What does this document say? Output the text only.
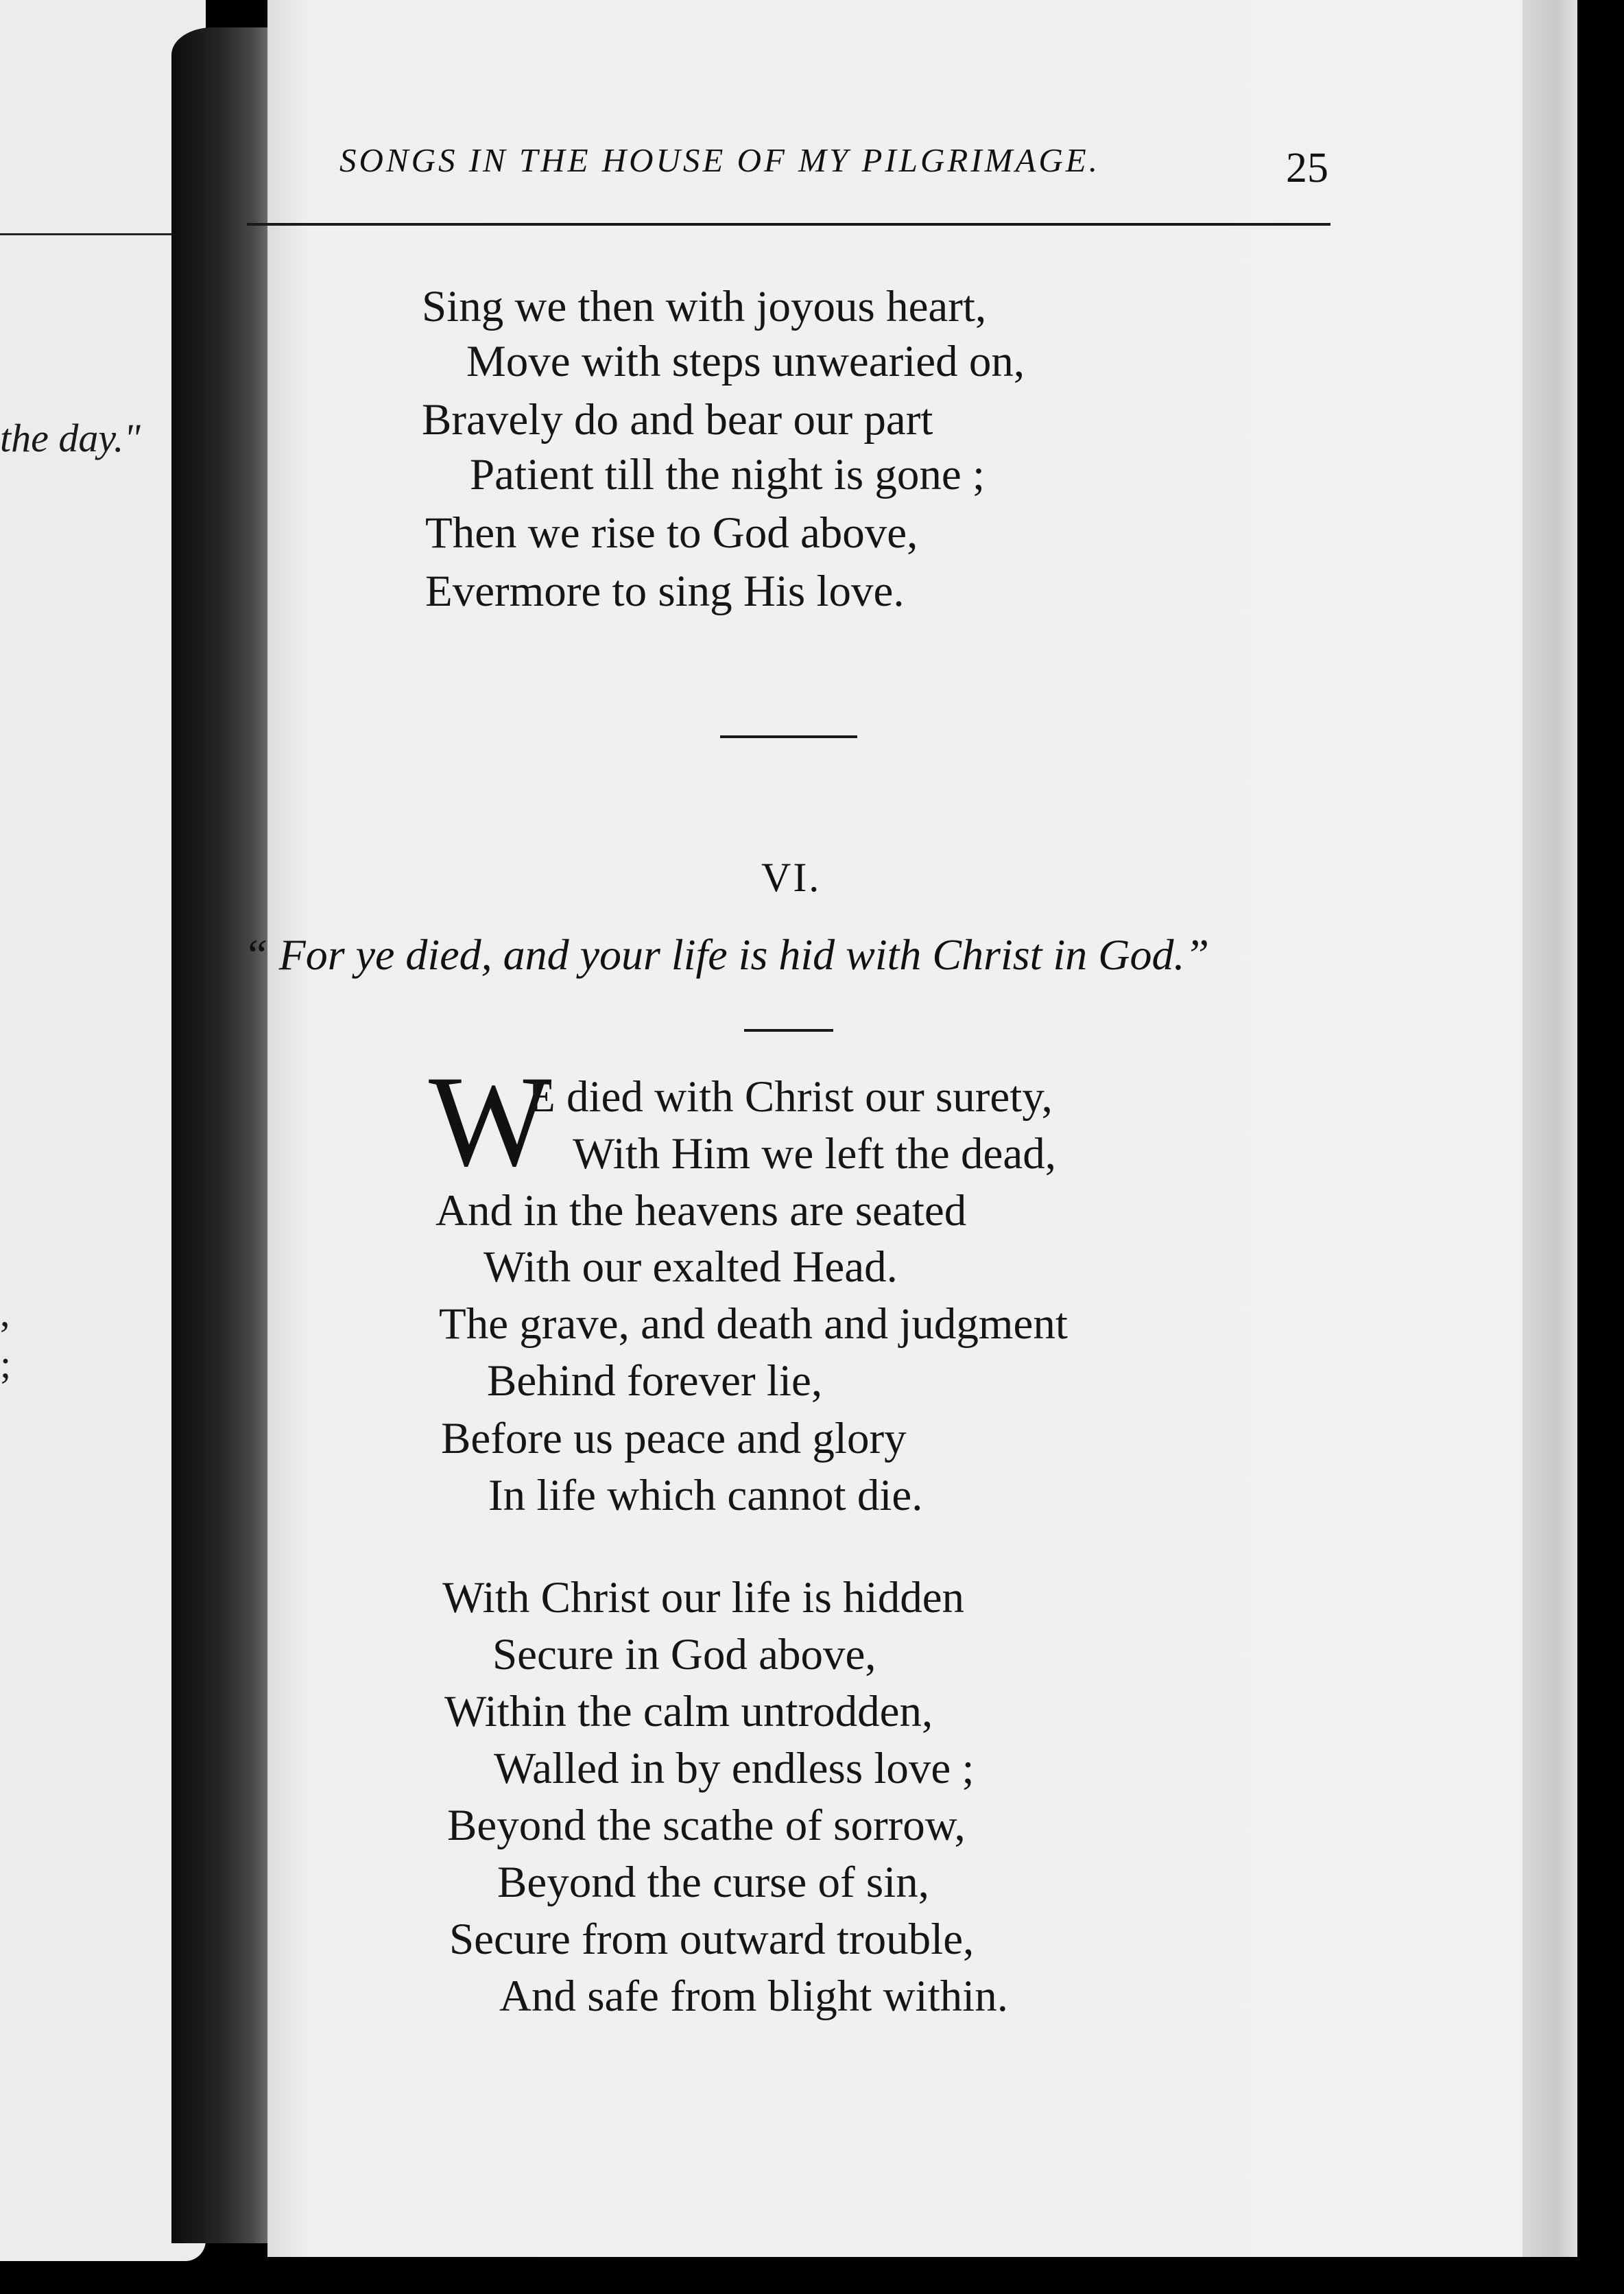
the day."
,
;
SONGS IN THE HOUSE OF MY PILGRIMAGE.	25
Sing we then with joyous heart,
Move with steps unwearied on,
Bravely do and bear our part
Patient till the night is gone ;
Then we rise to God above,
Evermore to sing His love.
VI.
“ For ye died, and your life is hid with Christ in God.”
W
E died with Christ our surety,
With Him we left the dead,
And in the heavens are seated
With our exalted Head.
The grave, and death and judgment
Behind forever lie,
Before us peace and glory
In life which cannot die.
With Christ our life is hidden
Secure in God above,
Within the calm untrodden,
Walled in by endless love ;
Beyond the scathe of sorrow,
Beyond the curse of sin,
Secure from outward trouble,
And safe from blight within.
